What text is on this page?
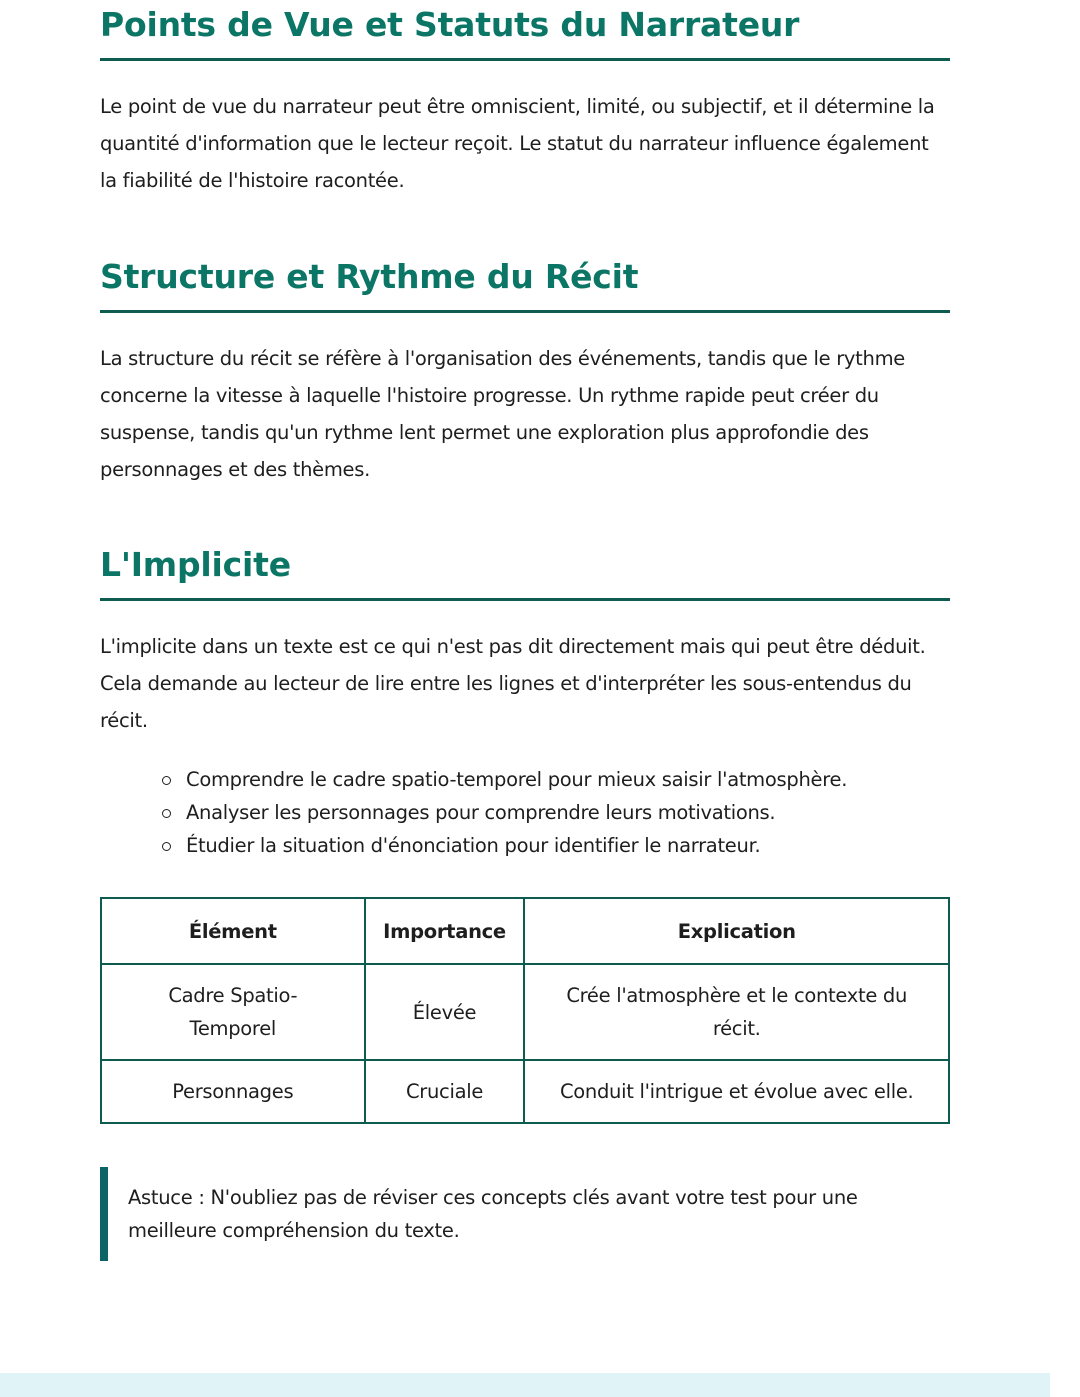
Points de Vue et Statuts du Narrateur

Le point de vue du narrateur peut être omniscient, limité, ou subjectif, et il détermine la quantité d'information que le lecteur reçoit. Le statut du narrateur influence également la fiabilité de l'histoire racontée.

Structure et Rythme du Récit

La structure du récit se réfère à l'organisation des événements, tandis que le rythme concerne la vitesse à laquelle l'histoire progresse. Un rythme rapide peut créer du suspense, tandis qu'un rythme lent permet une exploration plus approfondie des personnages et des thèmes.

L'Implicite

L'implicite dans un texte est ce qui n'est pas dit directement mais qui peut être déduit. Cela demande au lecteur de lire entre les lignes et d'interpréter les sous-entendus du récit.

Comprendre le cadre spatio-temporel pour mieux saisir l'atmosphère.
Analyser les personnages pour comprendre leurs motivations.
Étudier la situation d'énonciation pour identifier le narrateur.
Élément	Importance	Explication
Cadre Spatio-Temporel	Élevée	Crée l'atmosphère et le contexte du récit.
Personnages	Cruciale	Conduit l'intrigue et évolue avec elle.
Astuce : N'oubliez pas de réviser ces concepts clés avant votre test pour une meilleure compréhension du texte.
